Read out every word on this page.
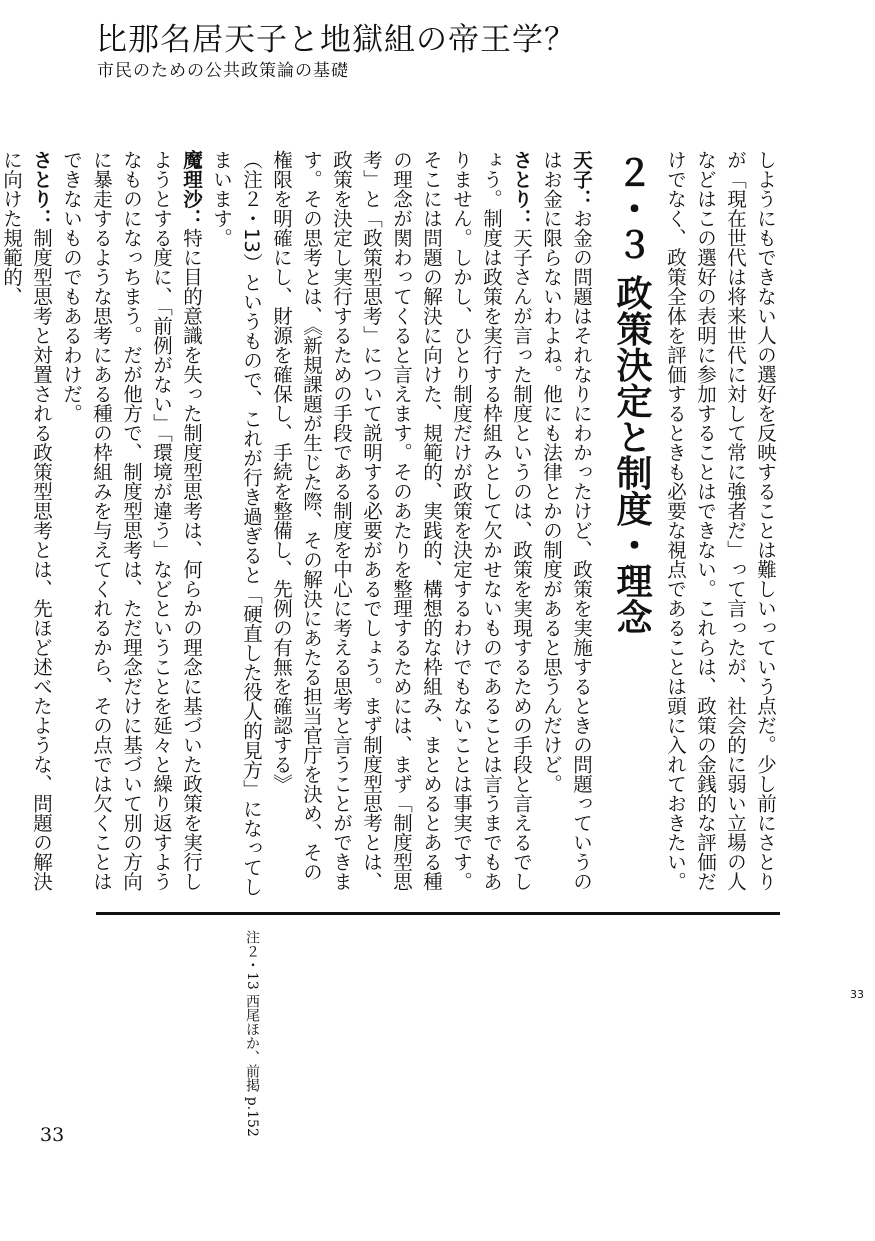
比那名居天子と地獄組の帝王学？
市民のための公共政策論の基礎

しようにもできない人の選好を反映することは難しいっていう点だ。少し前にさとりが「現在世代は将来世代に対して常に強者だ」って言ったが、社会的に弱い立場の人などはこの選好の表明に参加することはできない。これらは、政策の金銭的な評価だけでなく、政策全体を評価するときも必要な視点であることは頭に入れておきたい。

２・３ 政策決定と制度・理念

天子：お金の問題はそれなりにわかったけど、政策を実施するときの問題っていうのはお金に限らないわよね。他にも法律とかの制度があると思うんだけど。

さとり：天子さんが言った制度というのは、政策を実現するための手段と言えるでしょう。制度は政策を実行する枠組みとして欠かせないものであることは言うまでもありません。しかし、ひとり制度だけが政策を決定するわけでもないことは事実です。そこには問題の解決に向けた、規範的、実践的、構想的な枠組み、まとめるとある種の理念が関わってくると言えます。そのあたりを整理するためには、まず「制度型思考」と「政策型思考」について説明する必要があるでしょう。まず制度型思考とは、政策を決定し実行するための手段である制度を中心に考える思考と言うことができます。その思考とは、《新規課題が生じた際、その解決にあたる担当官庁を決め、その権限を明確にし、財源を確保し、手続を整備し、先例の有無を確認する》（注２・13）というもので、これが行き過ぎると「硬直した役人的見方」になってしまいます。

魔理沙：特に目的意識を失った制度型思考は、何らかの理念に基づいた政策を実行しようとする度に、「前例がない」「環境が違う」などということを延々と繰り返すようなものになっちまう。だが他方で、制度型思考は、ただ理念だけに基づいて別の方向に暴走するような思考にある種の枠組みを与えてくれるから、その点では欠くことはできないものでもあるわけだ。

さとり：制度型思考と対置される政策型思考とは、先ほど述べたような、問題の解決に向けた規範的、

注２・13 西尾ほか、前掲 p.152
33
33
